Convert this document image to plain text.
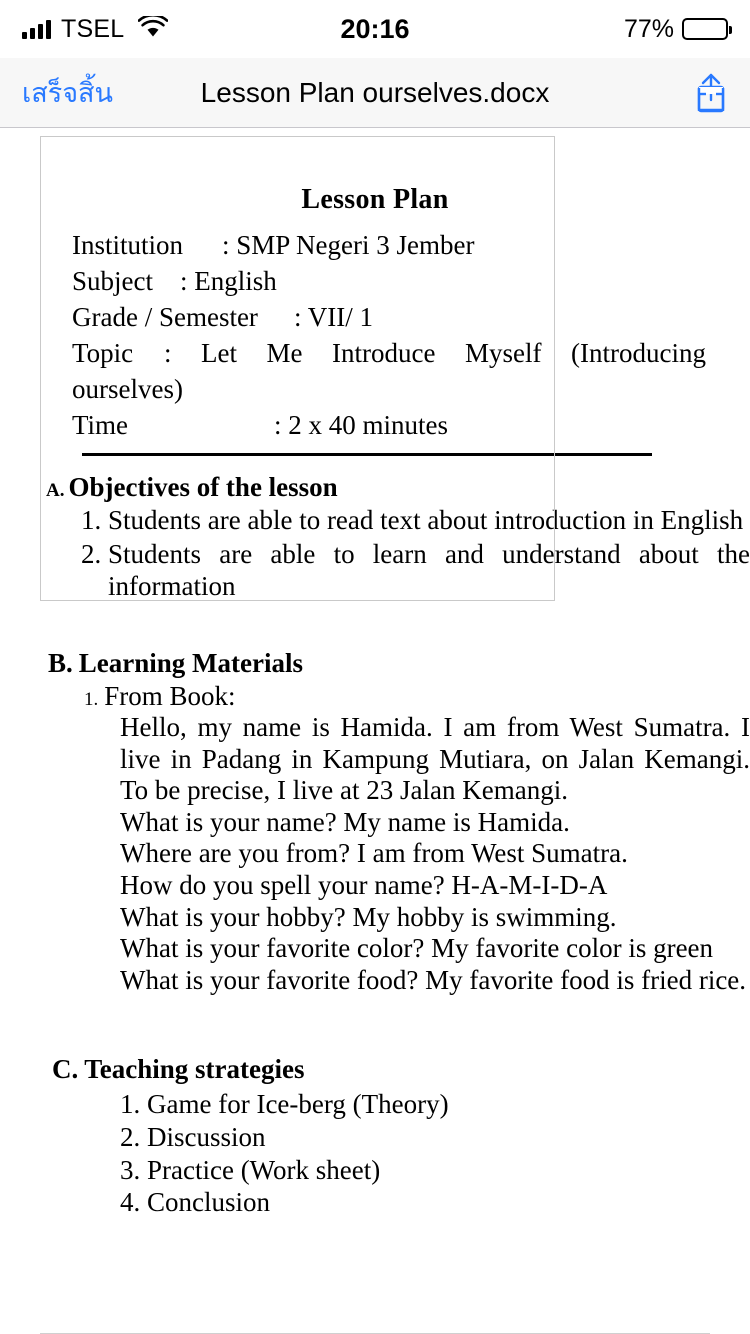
TSEL	20:16	77%
เสร็จสิ้น	Lesson Plan ourselves.docx
Lesson Plan
Institution : SMP Negeri 3 Jember
Subject : English
Grade / Semester : VII/ 1
Topic : Let Me Introduce Myself (Introducing ourselves)
Time	: 2 x 40 minutes
A. Objectives of the lesson
1. Students are able to read text about introduction in English
2. Students are able to learn and understand about the information
B. Learning Materials
1. From Book:

Hello, my name is Hamida. I am from West Sumatra. I live in Padang in Kampung Mutiara, on Jalan Kemangi. To be precise, I live at 23 Jalan Kemangi.

What is your name? My name is Hamida.

Where are you from? I am from West Sumatra.

How do you spell your name? H-A-M-I-D-A

What is your hobby? My hobby is swimming.

What is your favorite color? My favorite color is green

What is your favorite food? My favorite food is fried rice.

C. Teaching strategies
1. Game for Ice-berg (Theory)
2. Discussion
3. Practice (Work sheet)
4. Conclusion
